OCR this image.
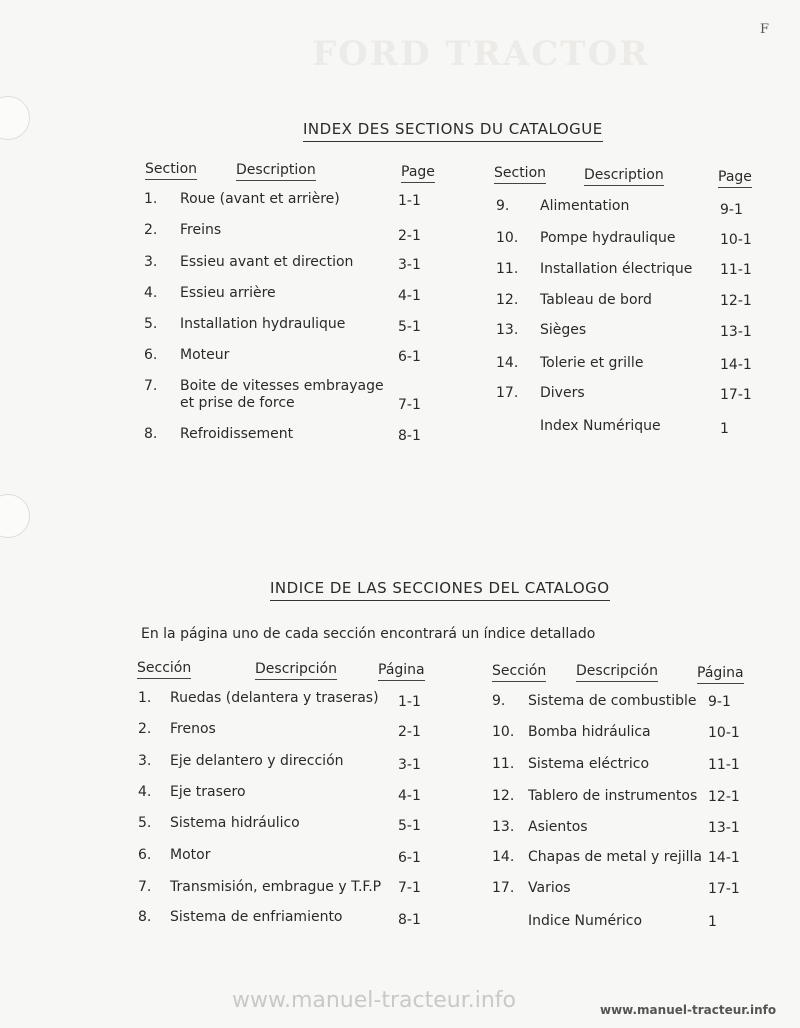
F
FORD TRACTOR
INDEX DES SECTIONS DU CATALOGUE
Section	Description	Page
1. Roue (avant et arrière)	1-1
2. Freins	2-1
3. Essieu avant et direction	3-1
4. Essieu arrière	4-1
5. Installation hydraulique	5-1
6. Moteur	6-1
7. Boite de vitesses embrayage
et prise de force	7-1
8. Refroidissement	8-1
Section	Description	Page
9. Alimentation	9-1
10. Pompe hydraulique	10-1
11. Installation électrique 11-1
12. Tableau de bord	12-1
13. Sièges	13-1
14. Tolerie et grille	14-1
17. Divers	17-1
Index Numérique	1
INDICE DE LAS SECCIONES DEL CATALOGO
En la página uno de cada sección encontrará un índice detallado
Sección	Descripción	Página
1. Ruedas (delantera y traseras) 1-1
2. Frenos	2-1
3. Eje delantero y dirección	3-1
4. Eje trasero	4-1
5. Sistema hidráulico	5-1
6. Motor	6-1
7. Transmisión, embrague y T.F.P 7-1
8. Sistema de enfriamiento	8-1
Sección Descripción	Página
9. Sistema de combustible 9-1
10. Bomba hidráulica	10-1
11. Sistema eléctrico	11-1
12. Tablero de instrumentos 12-1
13. Asientos	13-1
14. Chapas de metal y rejilla 14-1
17. Varios	17-1
Indice Numérico	1
www.manuel-tracteur.info	www.manuel-tracteur.info
